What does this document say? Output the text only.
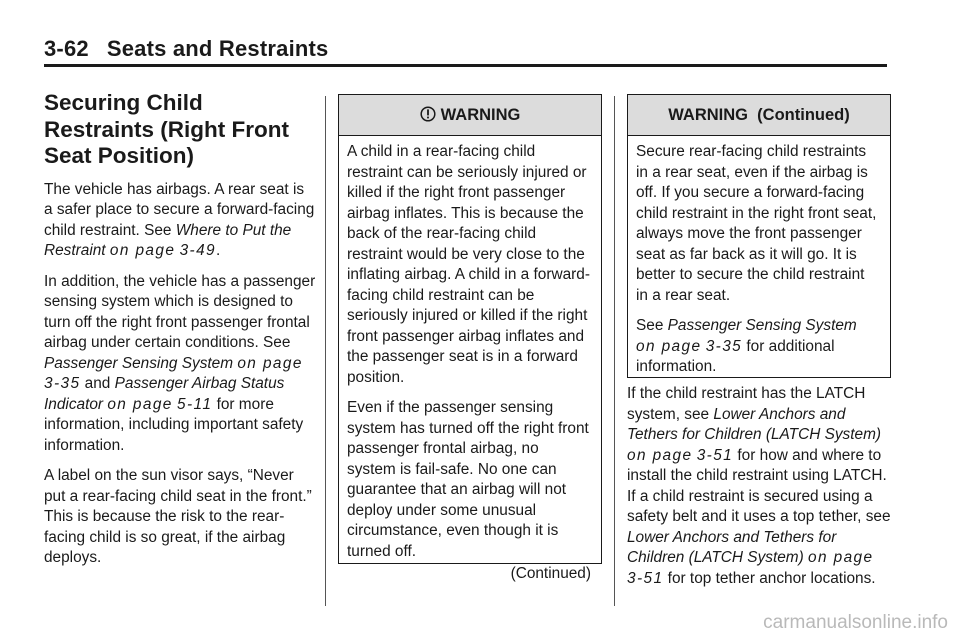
3-62 Seats and Restraints
Securing Child Restraints (Right Front Seat Position)

The vehicle has airbags. A rear seat is a safer place to secure a forward-facing child restraint. See Where to Put the Restraint on page 3-49.

In addition, the vehicle has a passenger sensing system which is designed to turn off the right front passenger frontal airbag under certain conditions. See Passenger Sensing System on page 3-35 and Passenger Airbag Status Indicator on page 5-11 for more information, including important safety information.

A label on the sun visor says, “Never put a rear-facing child seat in the front.” This is because the risk to the rear-facing child is so great, if the airbag deploys.

WARNING

A child in a rear-facing child restraint can be seriously injured or killed if the right front passenger airbag inflates. This is because the back of the rear-facing child restraint would be very close to the inflating airbag. A child in a forward-facing child restraint can be seriously injured or killed if the right front passenger airbag inflates and the passenger seat is in a forward position.

Even if the passenger sensing system has turned off the right front passenger frontal airbag, no system is fail-safe. No one can guarantee that an airbag will not deploy under some unusual circumstance, even though it is turned off.

(Continued)
WARNING  (Continued)

Secure rear-facing child restraints in a rear seat, even if the airbag is off. If you secure a forward-facing child restraint in the right front seat, always move the front passenger seat as far back as it will go. It is better to secure the child restraint in a rear seat.

See Passenger Sensing System on page 3-35 for additional information.

If the child restraint has the LATCH system, see Lower Anchors and Tethers for Children (LATCH System) on page 3-51 for how and where to install the child restraint using LATCH. If a child restraint is secured using a safety belt and it uses a top tether, see Lower Anchors and Tethers for Children (LATCH System) on page 3-51 for top tether anchor locations.

carmanualsonline.info
